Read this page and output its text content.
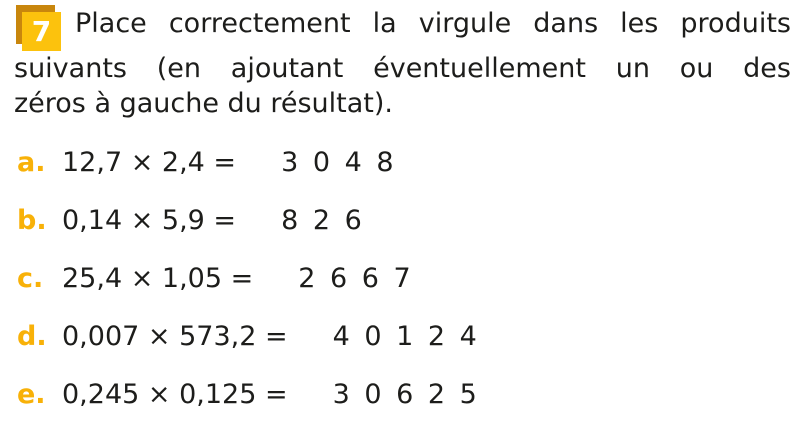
7 Place correctement la virgule dans les produits
suivants (en ajoutant éventuellement un ou des
zéros à gauche du résultat).
a. 12,7 × 2,4 = 3 0 4 8
b. 0,14 × 5,9 = 8 2 6
c. 25,4 × 1,05 = 2 6 6 7
d. 0,007 × 573,2 = 4 0 1 2 4
e. 0,245 × 0,125 = 3 0 6 2 5
